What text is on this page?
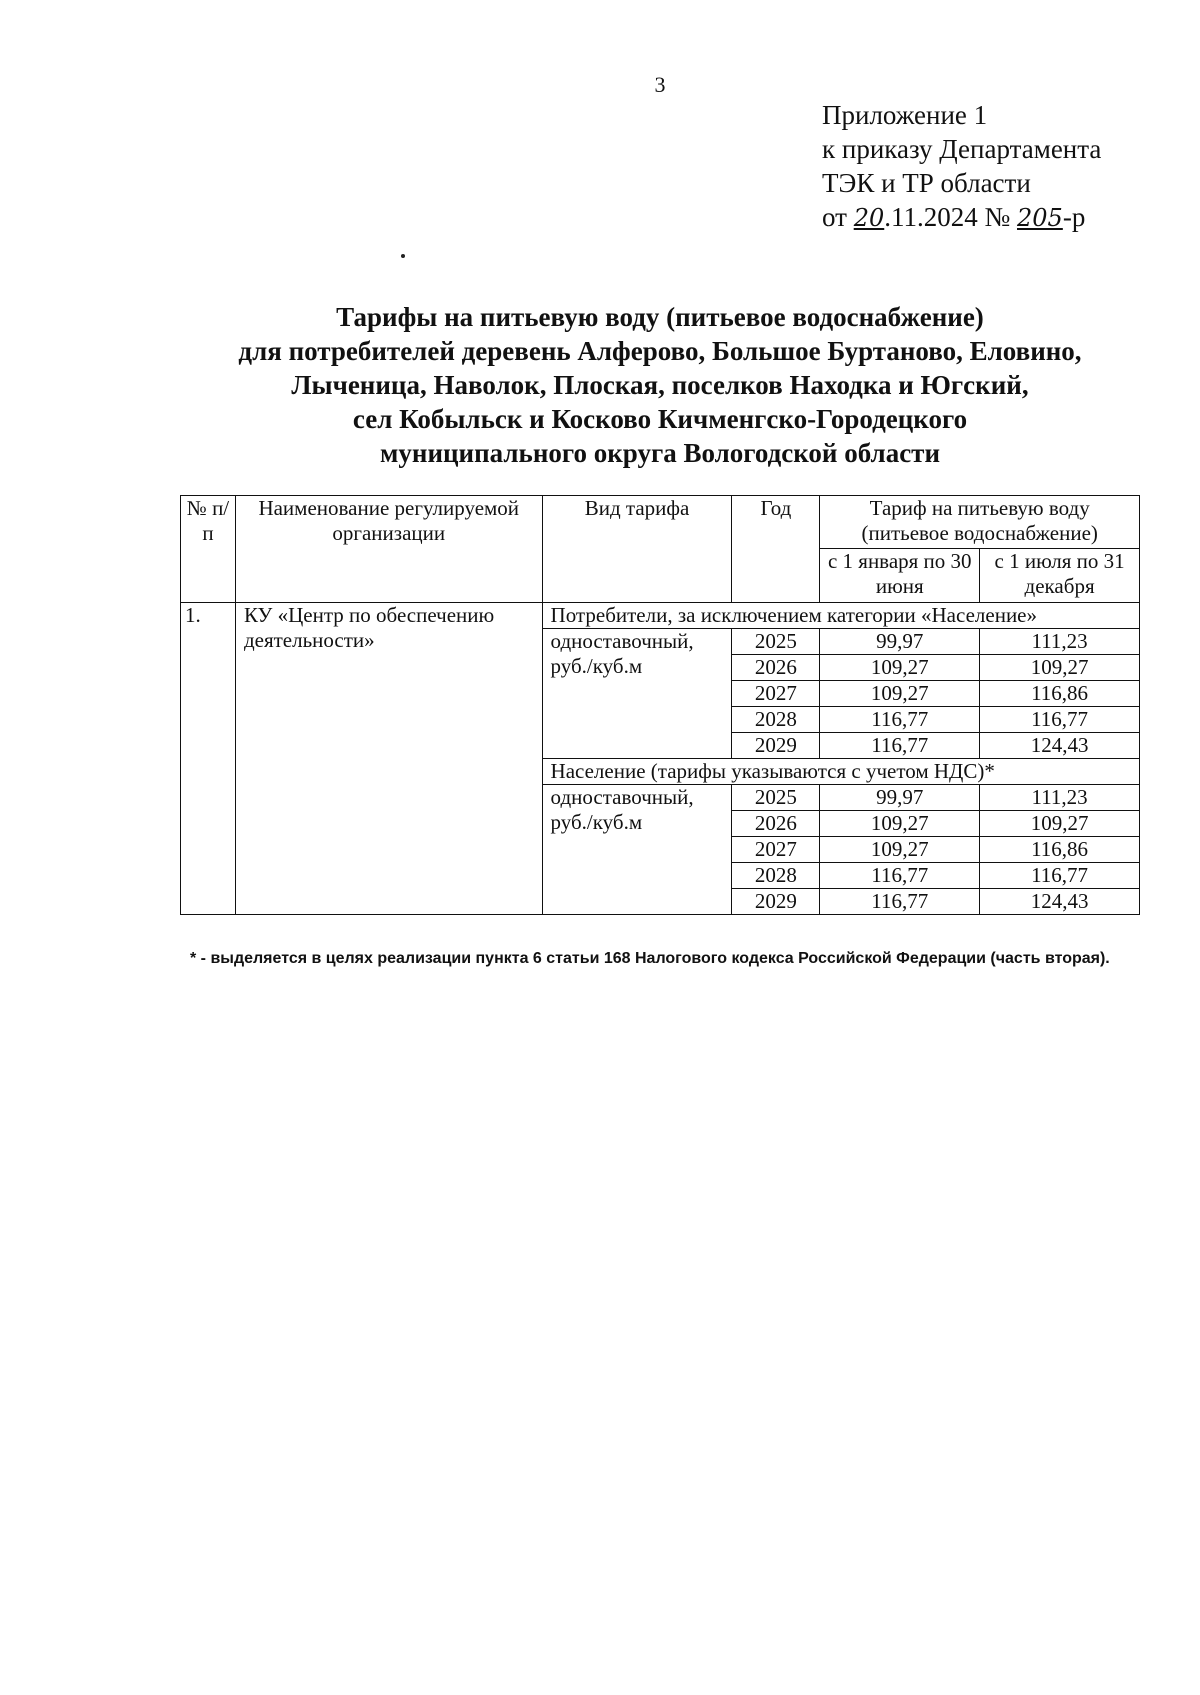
3
Приложение 1
к приказу Департамента
ТЭК и ТР области
от 20.11.2024 № 205-р
Тарифы на питьевую воду (питьевое водоснабжение)
для потребителей деревень Алферово, Большое Буртаново, Еловино,
Лыченица, Наволок, Плоская, поселков Находка и Югский,
сел Кобыльск и Косково Кичменгско-Городецкого
муниципального округа Вологодской области
№ п/п	Наименование регулируемой организации	Вид тарифа	Год	Тариф на питьевую воду (питьевое водоснабжение)	
				с 1 января по 30 июня	с 1 июля по 31 декабря
1.	КУ «Центр по обеспечению деятельности»	Потребители, за исключением категории «Население»			
		одноставочный, руб./куб.м	2025	99,97	111,23
			2026	109,27	109,27
			2027	109,27	116,86
			2028	116,77	116,77
			2029	116,77	124,43
		Население (тарифы указываются с учетом НДС)*			
		одноставочный, руб./куб.м	2025	99,97	111,23
			2026	109,27	109,27
			2027	109,27	116,86
			2028	116,77	116,77
			2029	116,77	124,43
* - выделяется в целях реализации пункта 6 статьи 168 Налогового кодекса Российской Федерации (часть вторая).
